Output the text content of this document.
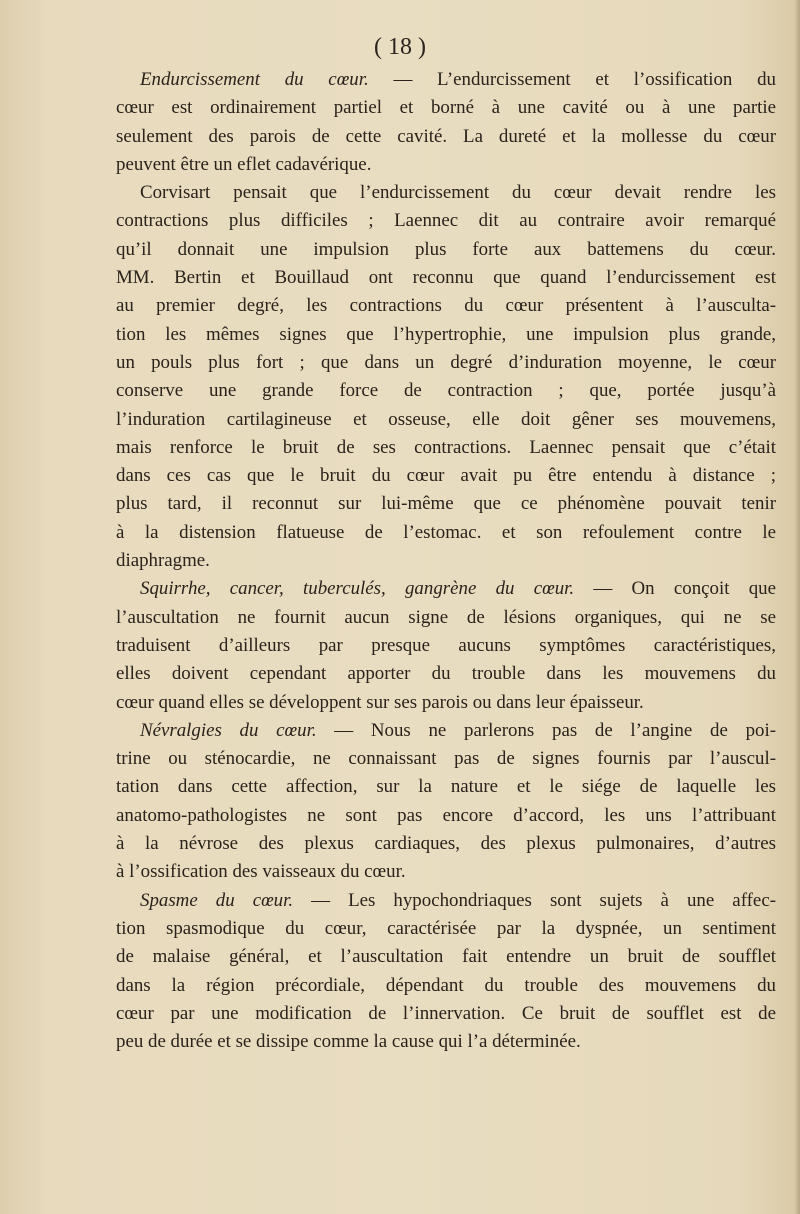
( 18 )
Endurcissement du cœur. — L’endurcissement et l’ossification du
cœur est ordinairement partiel et borné à une cavité ou à une partie
seulement des parois de cette cavité. La dureté et la mollesse du cœur
peuvent être un eflet cadavérique.
Corvisart pensait que l’endurcissement du cœur devait rendre les
contractions plus difficiles ; Laennec dit au contraire avoir remarqué
qu’il donnait une impulsion plus forte aux battemens du cœur.
MM. Bertin et Bouillaud ont reconnu que quand l’endurcissement est
au premier degré, les contractions du cœur présentent à l’ausculta-
tion les mêmes signes que l’hypertrophie, une impulsion plus grande,
un pouls plus fort ; que dans un degré d’induration moyenne, le cœur
conserve une grande force de contraction ; que, portée jusqu’à
l’induration cartilagineuse et osseuse, elle doit gêner ses mouvemens,
mais renforce le bruit de ses contractions. Laennec pensait que c’était
dans ces cas que le bruit du cœur avait pu être entendu à distance ;
plus tard, il reconnut sur lui-même que ce phénomène pouvait tenir
à la distension flatueuse de l’estomac. et son refoulement contre le
diaphragme.
Squirrhe, cancer, tuberculés, gangrène du cœur. — On conçoit que
l’auscultation ne fournit aucun signe de lésions organiques, qui ne se
traduisent d’ailleurs par presque aucuns symptômes caractéristiques,
elles doivent cependant apporter du trouble dans les mouvemens du
cœur quand elles se développent sur ses parois ou dans leur épaisseur.
Névralgies du cœur. — Nous ne parlerons pas de l’angine de poi-
trine ou sténocardie, ne connaissant pas de signes fournis par l’auscul-
tation dans cette affection, sur la nature et le siége de laquelle les
anatomo-pathologistes ne sont pas encore d’accord, les uns l’attribuant
à la névrose des plexus cardiaques, des plexus pulmonaires, d’autres
à l’ossification des vaisseaux du cœur.
Spasme du cœur. — Les hypochondriaques sont sujets à une affec-
tion spasmodique du cœur, caractérisée par la dyspnée, un sentiment
de malaise général, et l’auscultation fait entendre un bruit de soufflet
dans la région précordiale, dépendant du trouble des mouvemens du
cœur par une modification de l’innervation. Ce bruit de soufflet est de
peu de durée et se dissipe comme la cause qui l’a déterminée.
